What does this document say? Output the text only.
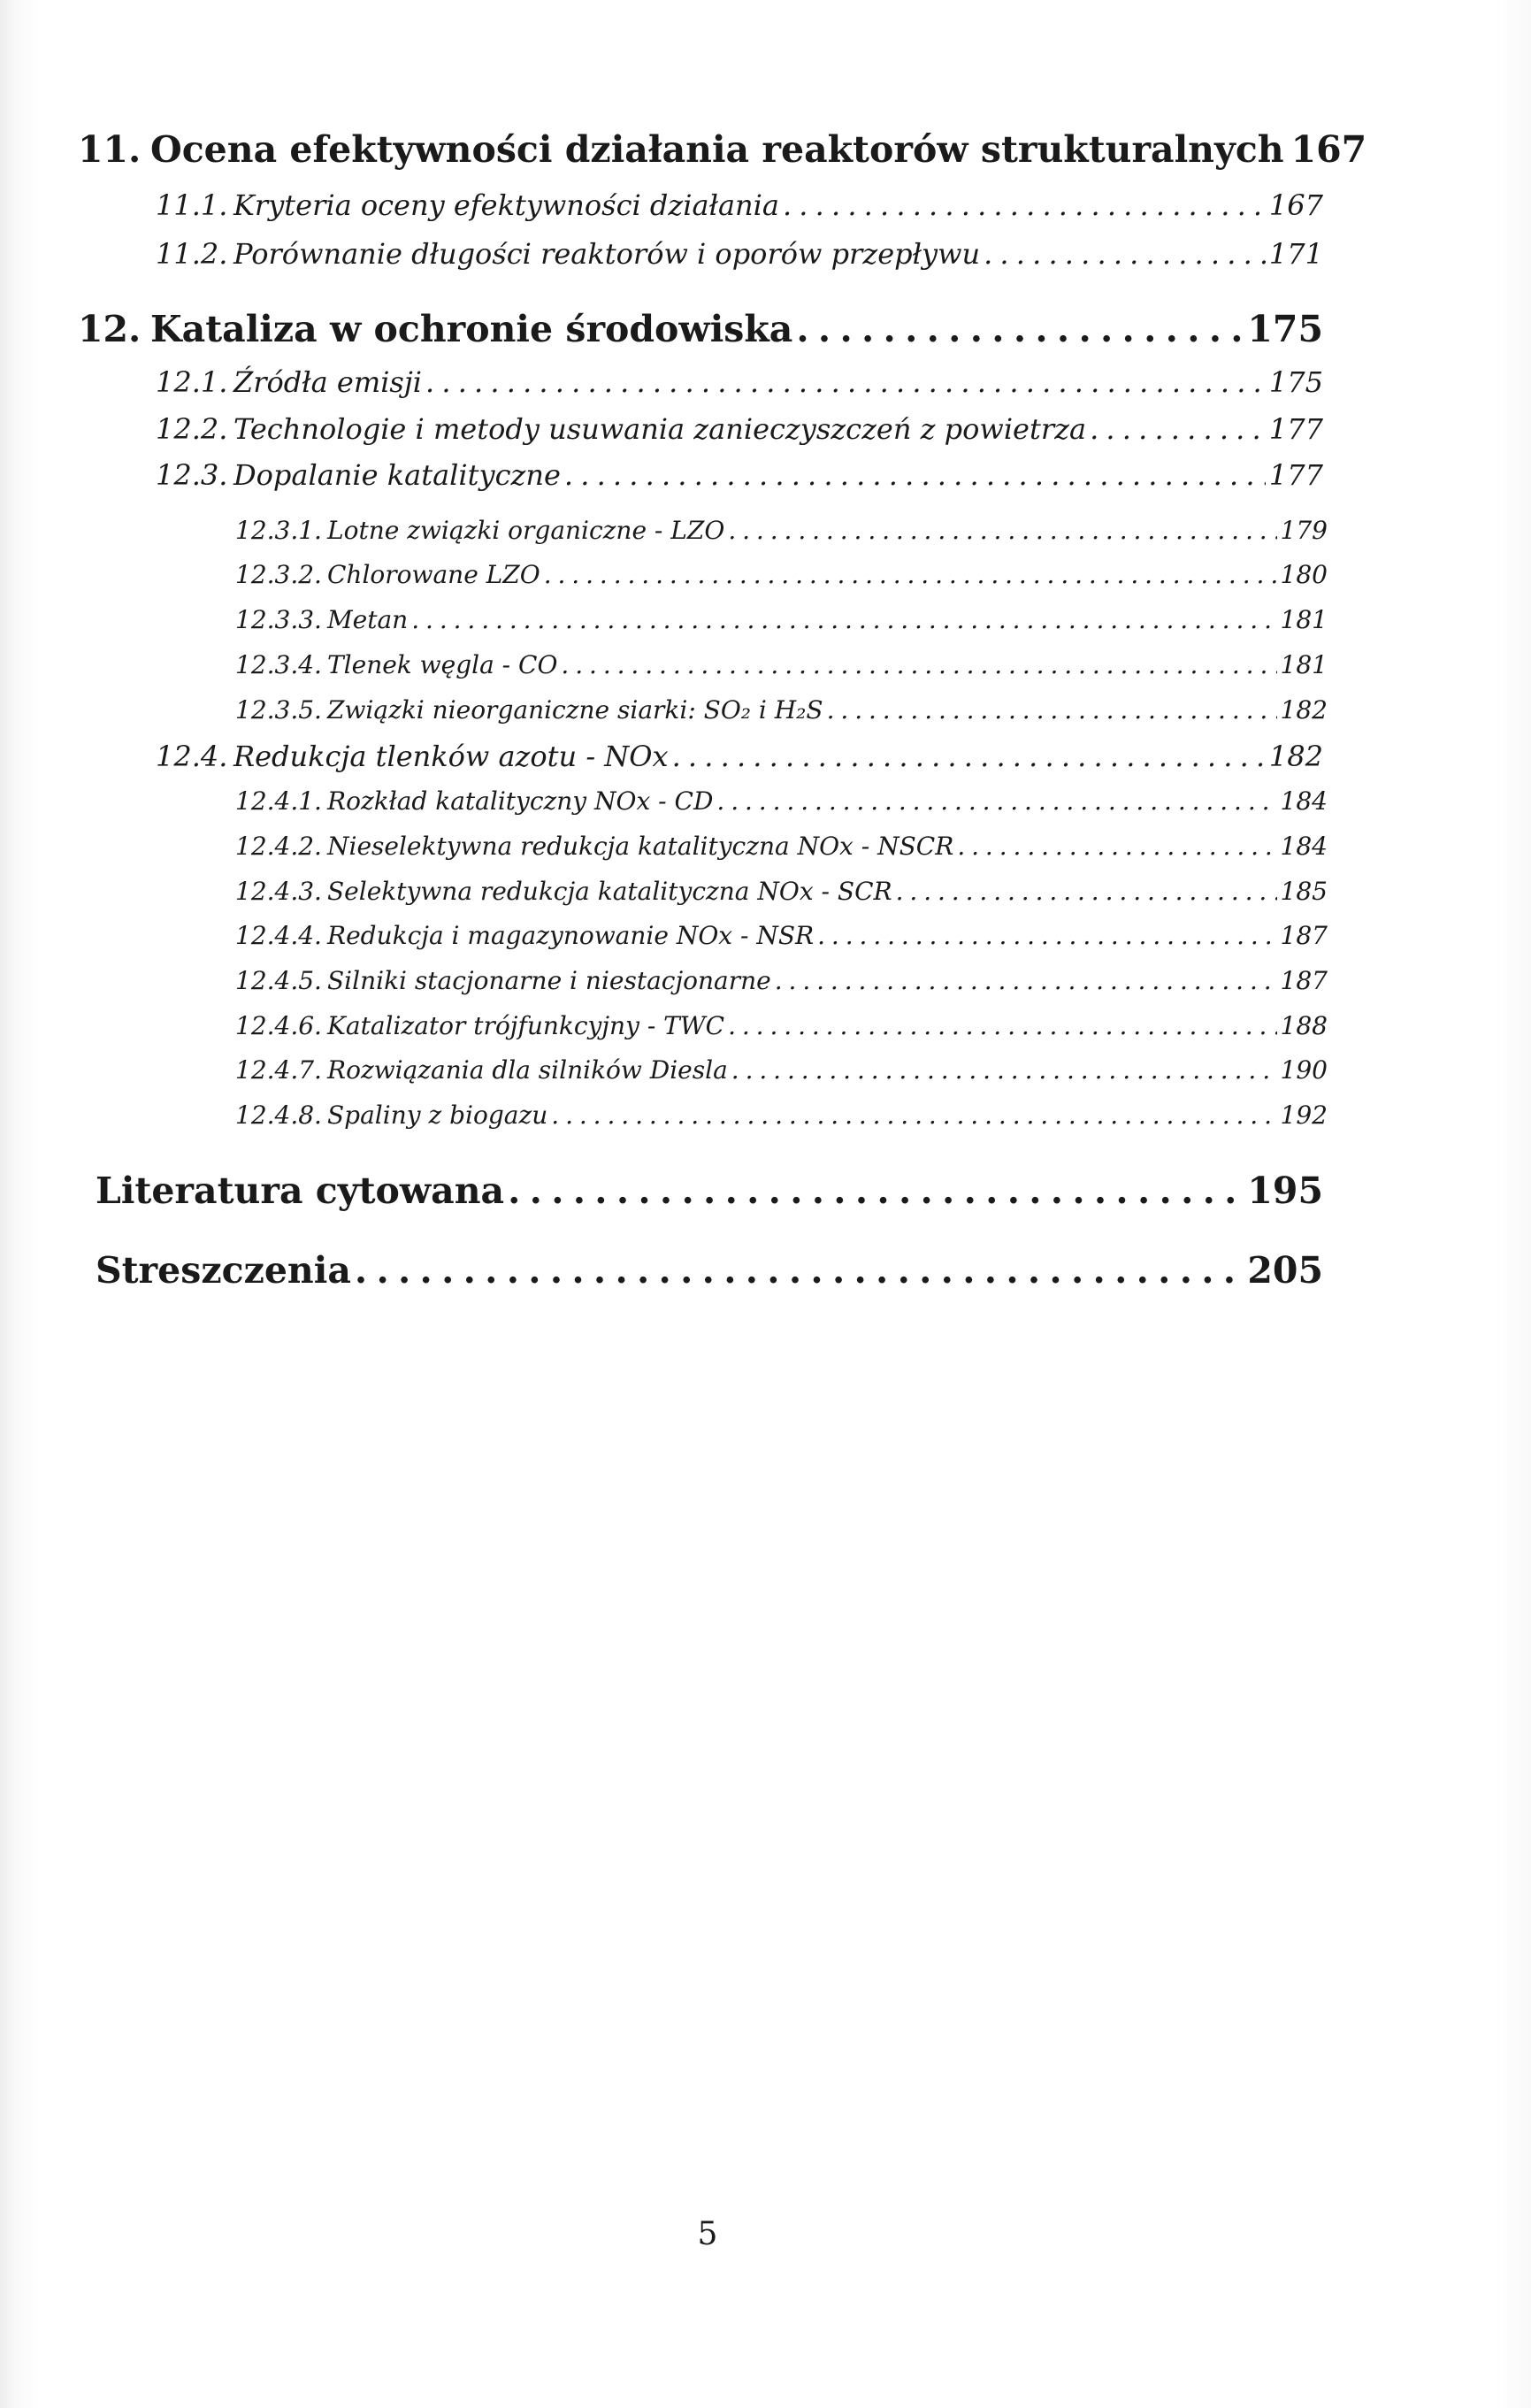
11. Ocena efektywności działania reaktorów strukturalnych 167
11.1. Kryteria oceny efektywności działania . . .	167
11.2. Porównanie długości reaktorów i oporów przepływu . . .	171
12. Kataliza w ochronie środowiska . . .	175
12.1. Źródła emisji . . .	175
12.2. Technologie i metody usuwania zanieczyszczeń z powietrza . . .	177
12.3. Dopalanie katalityczne . . .	177
12.3.1. Lotne związki organiczne - LZO . . .	179
12.3.2. Chlorowane LZO . . .	180
12.3.3. Metan . . .	181
12.3.4. Tlenek węgla - CO . . .	181
12.3.5. Związki nieorganiczne siarki: SO₂ i H₂S . . .	182
12.4. Redukcja tlenków azotu - NOx . . .	182
12.4.1. Rozkład katalityczny NOx - CD . . .	184
12.4.2. Nieselektywna redukcja katalityczna NOx - NSCR . . .	184
12.4.3. Selektywna redukcja katalityczna NOx - SCR . . .	185
12.4.4. Redukcja i magazynowanie NOx - NSR . . .	187
12.4.5. Silniki stacjonarne i niestacjonarne . . .	187
12.4.6. Katalizator trójfunkcyjny - TWC . . .	188
12.4.7. Rozwiązania dla silników Diesla . . .	190
12.4.8. Spaliny z biogazu . . .	192
Literatura cytowana . . .	195
Streszczenia . . .	205
5
